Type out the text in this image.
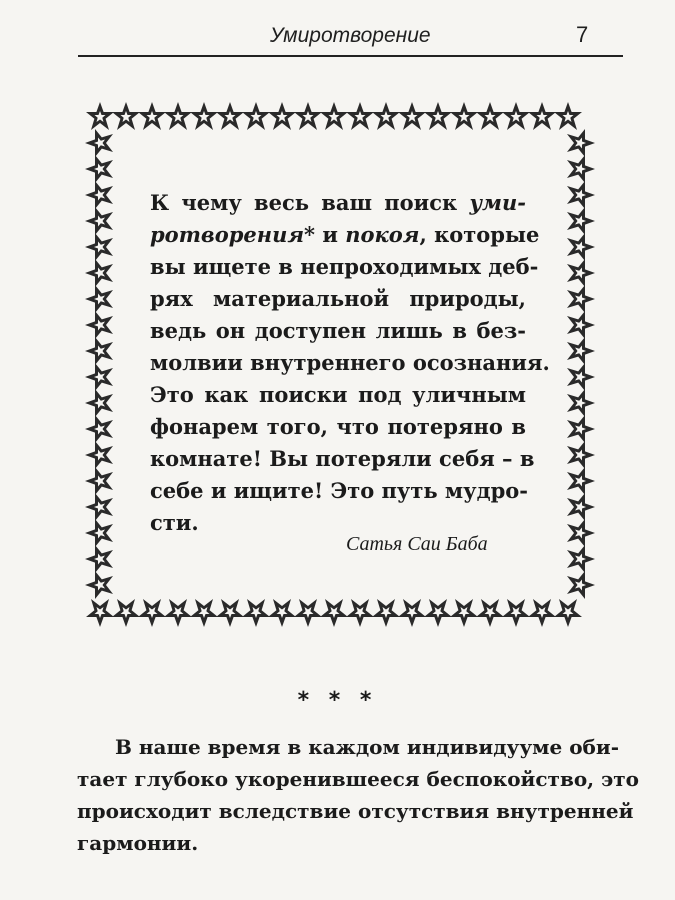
Умиротворение	7
К чему весь ваш поиск уми-
ротворения* и покоя, которые
вы ищете в непроходимых деб-
рях материальной природы,
ведь он доступен лишь в без-
молвии внутреннего осознания.
Это как поиски под уличным
фонарем того, что потеряно в
комнате! Вы потеряли себя – в
себе и ищите! Это путь мудро-
сти.
Сатья Саи Баба
* * *
В наше время в каждом индивидууме оби-
тает глубоко укоренившееся беспокойствo, это
происходит вследствие отсутствия внутренней
гармонии.
